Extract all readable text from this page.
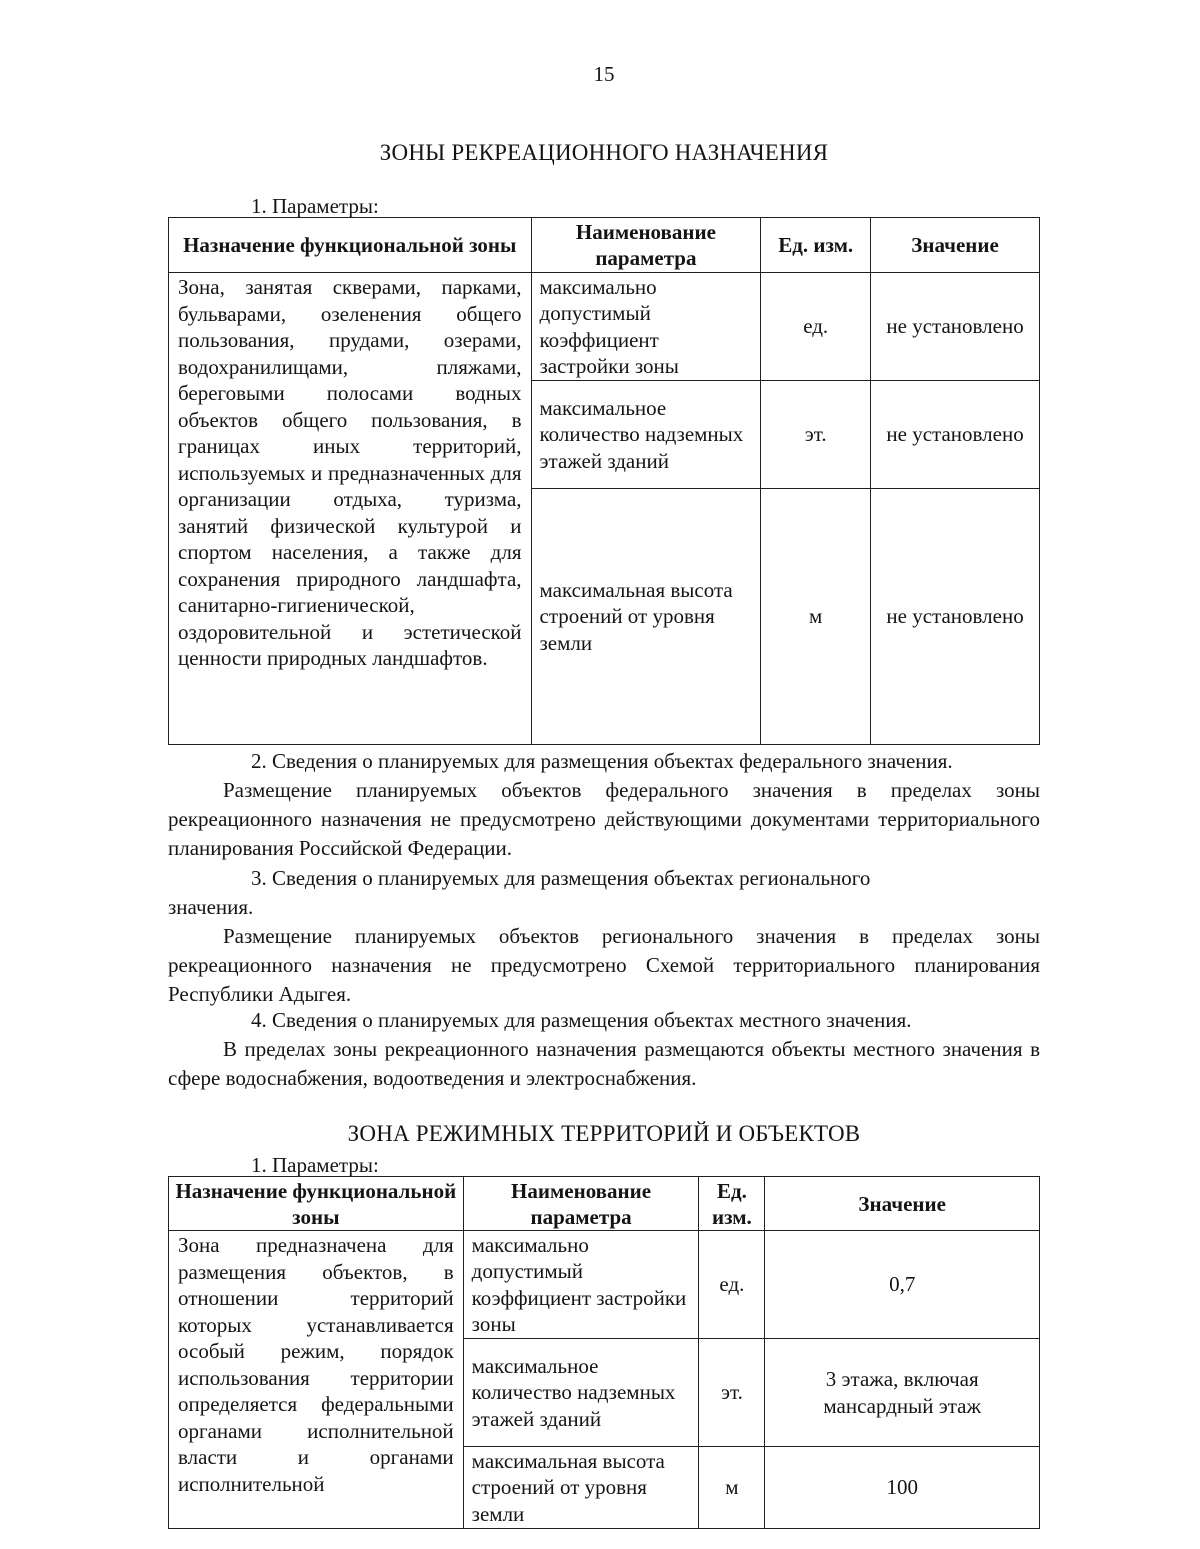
15
ЗОНЫ РЕКРЕАЦИОННОГО НАЗНАЧЕНИЯ
1. Параметры:
Назначение функциональной зоны	Наименование параметра	Ед. изм.	Значение
Зона, занятая скверами, парками, бульварами, озеленения общего пользования, прудами, озерами, водохранилищами, пляжами, береговыми полосами водных объектов общего пользования, в границах иных территорий, используемых и предназначенных для организации отдыха, туризма, занятий физической культурой и спортом населения, а также для сохранения природного ландшафта, санитарно-гигиенической, оздоровительной и эстетической ценности природных ландшафтов.	максимально допустимый коэффициент застройки зоны	ед.	не установлено
	максимальное количество надземных этажей зданий	эт.	не установлено
	максимальная высота строений от уровня земли	м	не установлено
2. Сведения о планируемых для размещения объектах федерального значения.
Размещение планируемых объектов федерального значения в пределах зоны рекреационного назначения не предусмотрено действующими документами территориального планирования Российской Федерации.
3. Сведения о планируемых для размещения объектах регионального значения.
Размещение планируемых объектов регионального значения в пределах зоны рекреационного назначения не предусмотрено Схемой территориального планирования Республики Адыгея.
4. Сведения о планируемых для размещения объектах местного значения.
В пределах зоны рекреационного назначения размещаются объекты местного значения в сфере водоснабжения, водоотведения и электроснабжения.
ЗОНА РЕЖИМНЫХ ТЕРРИТОРИЙ И ОБЪЕКТОВ
1. Параметры:
Назначение функциональной зоны	Наименование параметра	Ед. изм.	Значение
Зона предназначена для размещения объектов, в отношении территорий которых устанавливается особый режим, порядок использования территории определяется федеральными органами исполнительной власти и органами исполнительной	максимально допустимый коэффициент застройки зоны	ед.	0,7
	максимальное количество надземных этажей зданий	эт.	3 этажа, включая мансардный этаж
	максимальная высота строений от уровня земли	м	100
